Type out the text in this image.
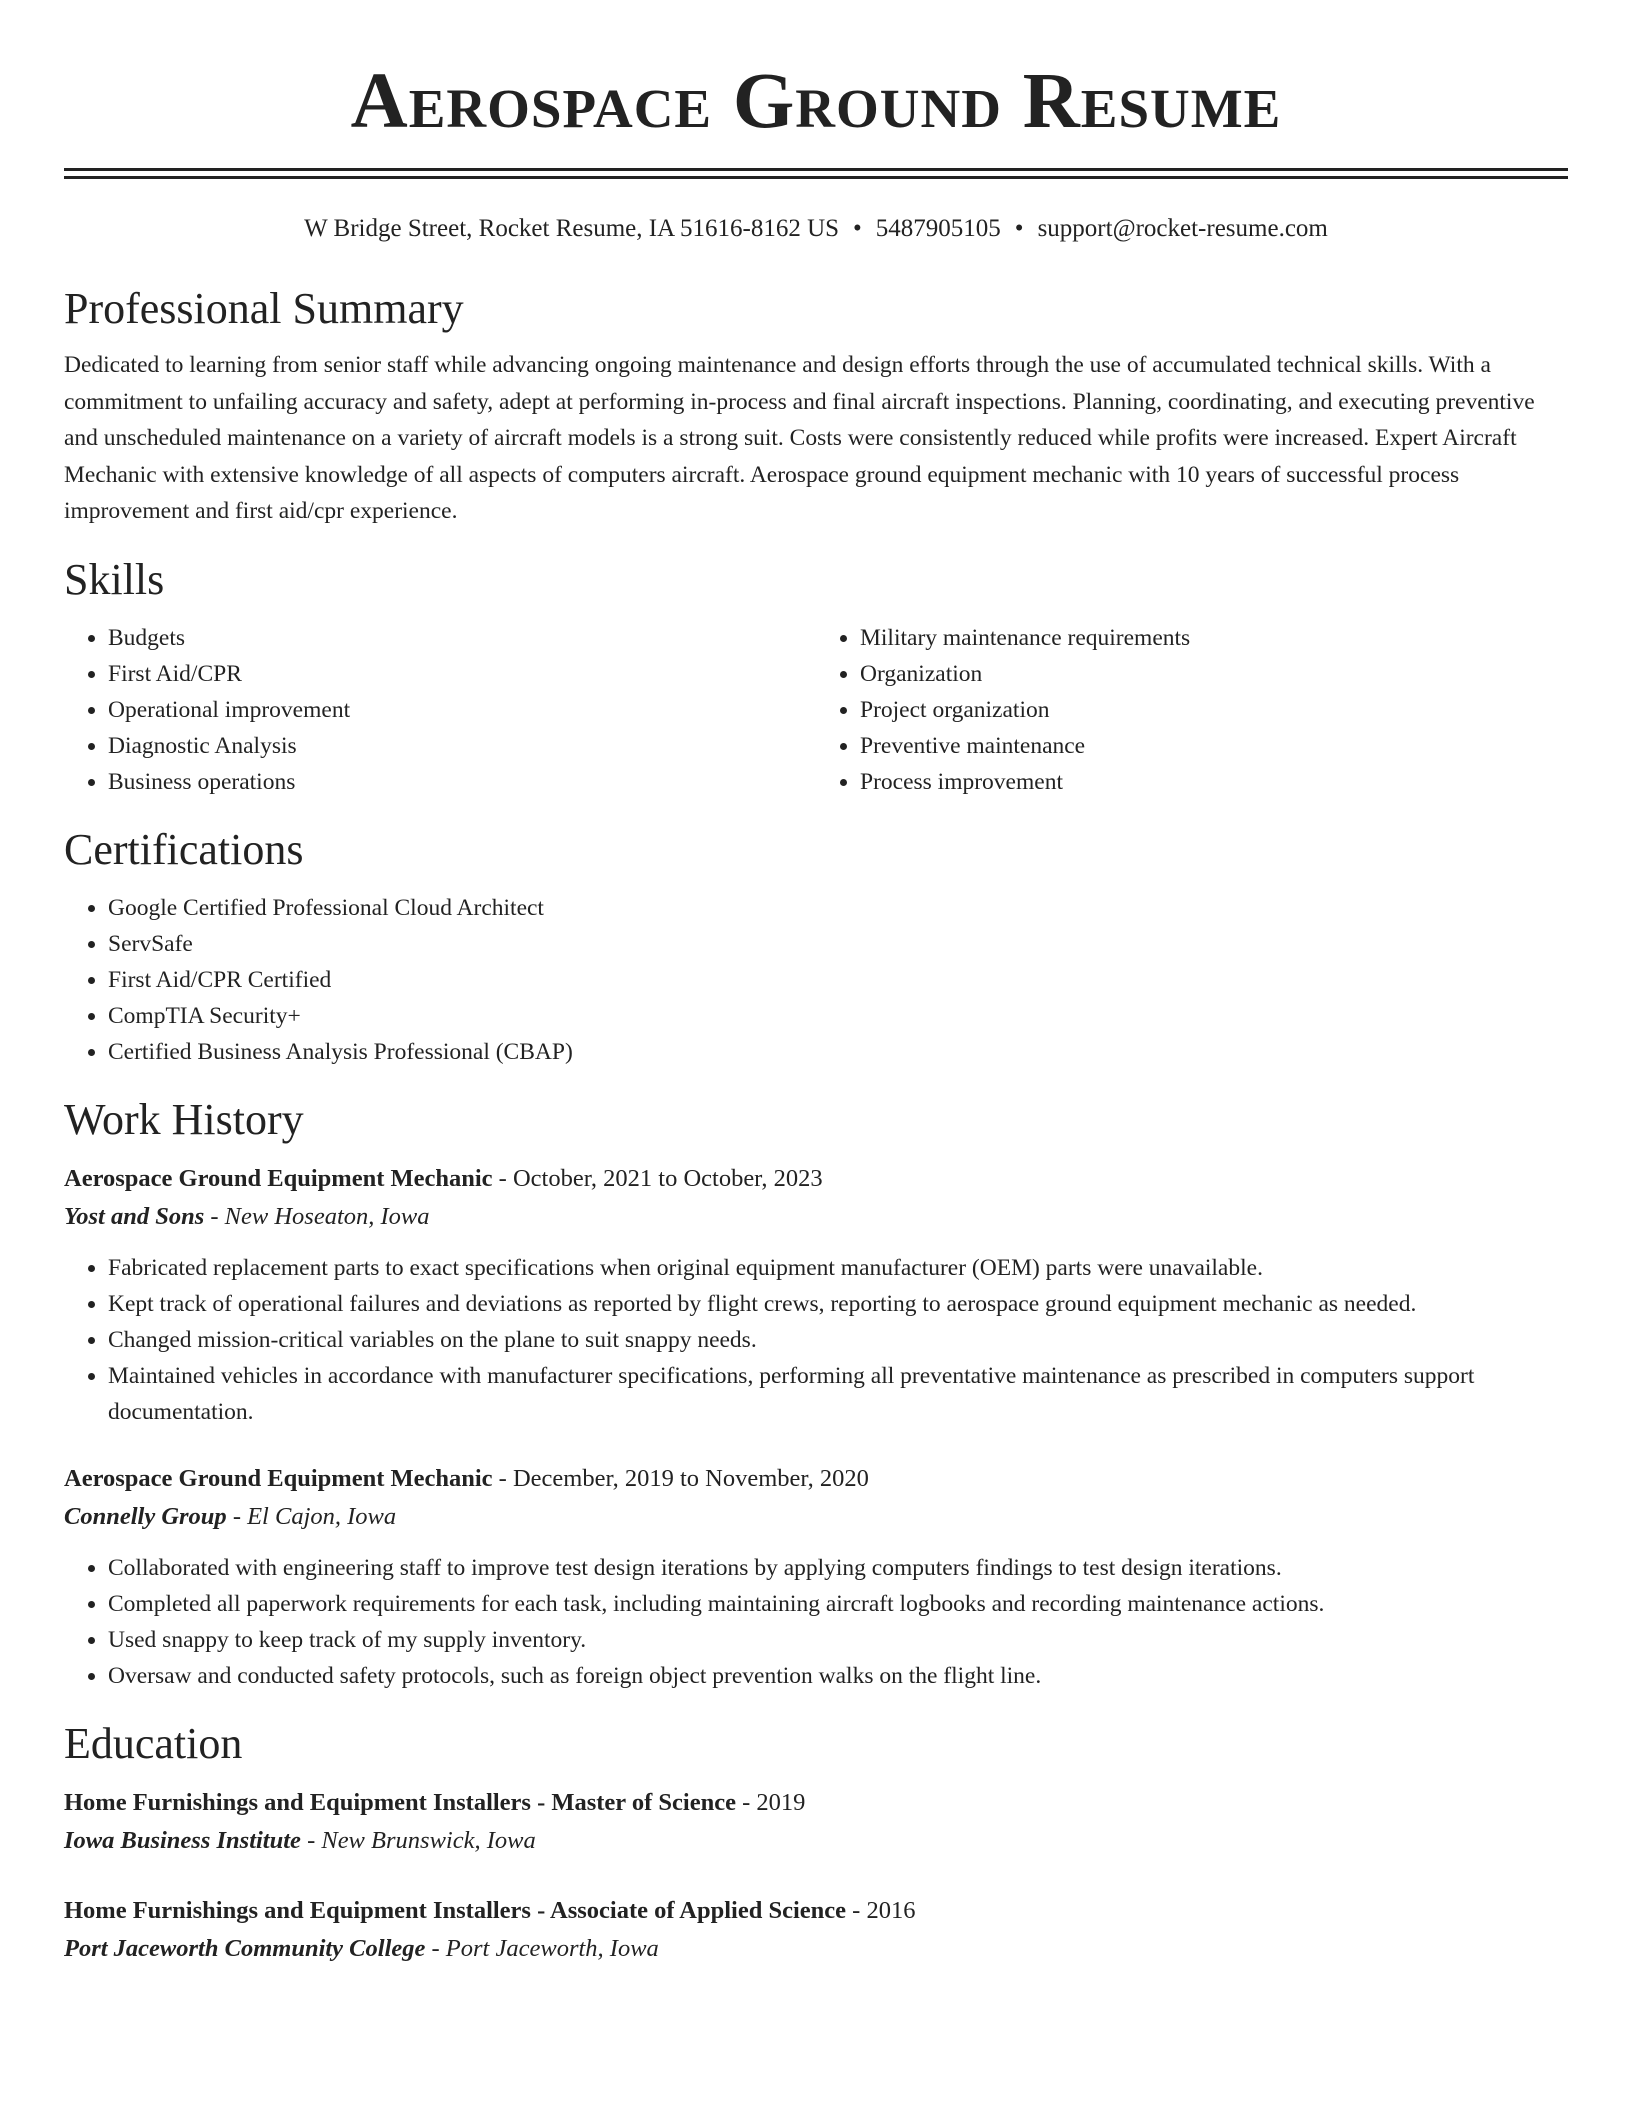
Aerospace Ground Resume
W Bridge Street, Rocket Resume, IA 51616-8162 US • 5487905105 • support@rocket-resume.com
Professional Summary

Dedicated to learning from senior staff while advancing ongoing maintenance and design efforts through the use of accumulated technical skills. With a commitment to unfailing accuracy and safety, adept at performing in-process and final aircraft inspections. Planning, coordinating, and executing preventive and unscheduled maintenance on a variety of aircraft models is a strong suit. Costs were consistently reduced while profits were increased. Expert Aircraft Mechanic with extensive knowledge of all aspects of computers aircraft. Aerospace ground equipment mechanic with 10 years of successful process improvement and first aid/cpr experience.

Skills
• Budgets
• First Aid/CPR
• Operational improvement
• Diagnostic Analysis
• Business operations
• Military maintenance requirements
• Organization
• Project organization
• Preventive maintenance
• Process improvement
Certifications
• Google Certified Professional Cloud Architect
• ServSafe
• First Aid/CPR Certified
• CompTIA Security+
• Certified Business Analysis Professional (CBAP)
Work History
Aerospace Ground Equipment Mechanic - October, 2021 to October, 2023
Yost and Sons - New Hoseaton, Iowa
• Fabricated replacement parts to exact specifications when original equipment manufacturer (OEM) parts were unavailable.
• Kept track of operational failures and deviations as reported by flight crews, reporting to aerospace ground equipment mechanic as needed.
• Changed mission-critical variables on the plane to suit snappy needs.
• Maintained vehicles in accordance with manufacturer specifications, performing all preventative maintenance as prescribed in computers support documentation.
Aerospace Ground Equipment Mechanic - December, 2019 to November, 2020
Connelly Group - El Cajon, Iowa
• Collaborated with engineering staff to improve test design iterations by applying computers findings to test design iterations.
• Completed all paperwork requirements for each task, including maintaining aircraft logbooks and recording maintenance actions.
• Used snappy to keep track of my supply inventory.
• Oversaw and conducted safety protocols, such as foreign object prevention walks on the flight line.
Education
Home Furnishings and Equipment Installers - Master of Science - 2019
Iowa Business Institute - New Brunswick, Iowa
Home Furnishings and Equipment Installers - Associate of Applied Science - 2016
Port Jaceworth Community College - Port Jaceworth, Iowa
